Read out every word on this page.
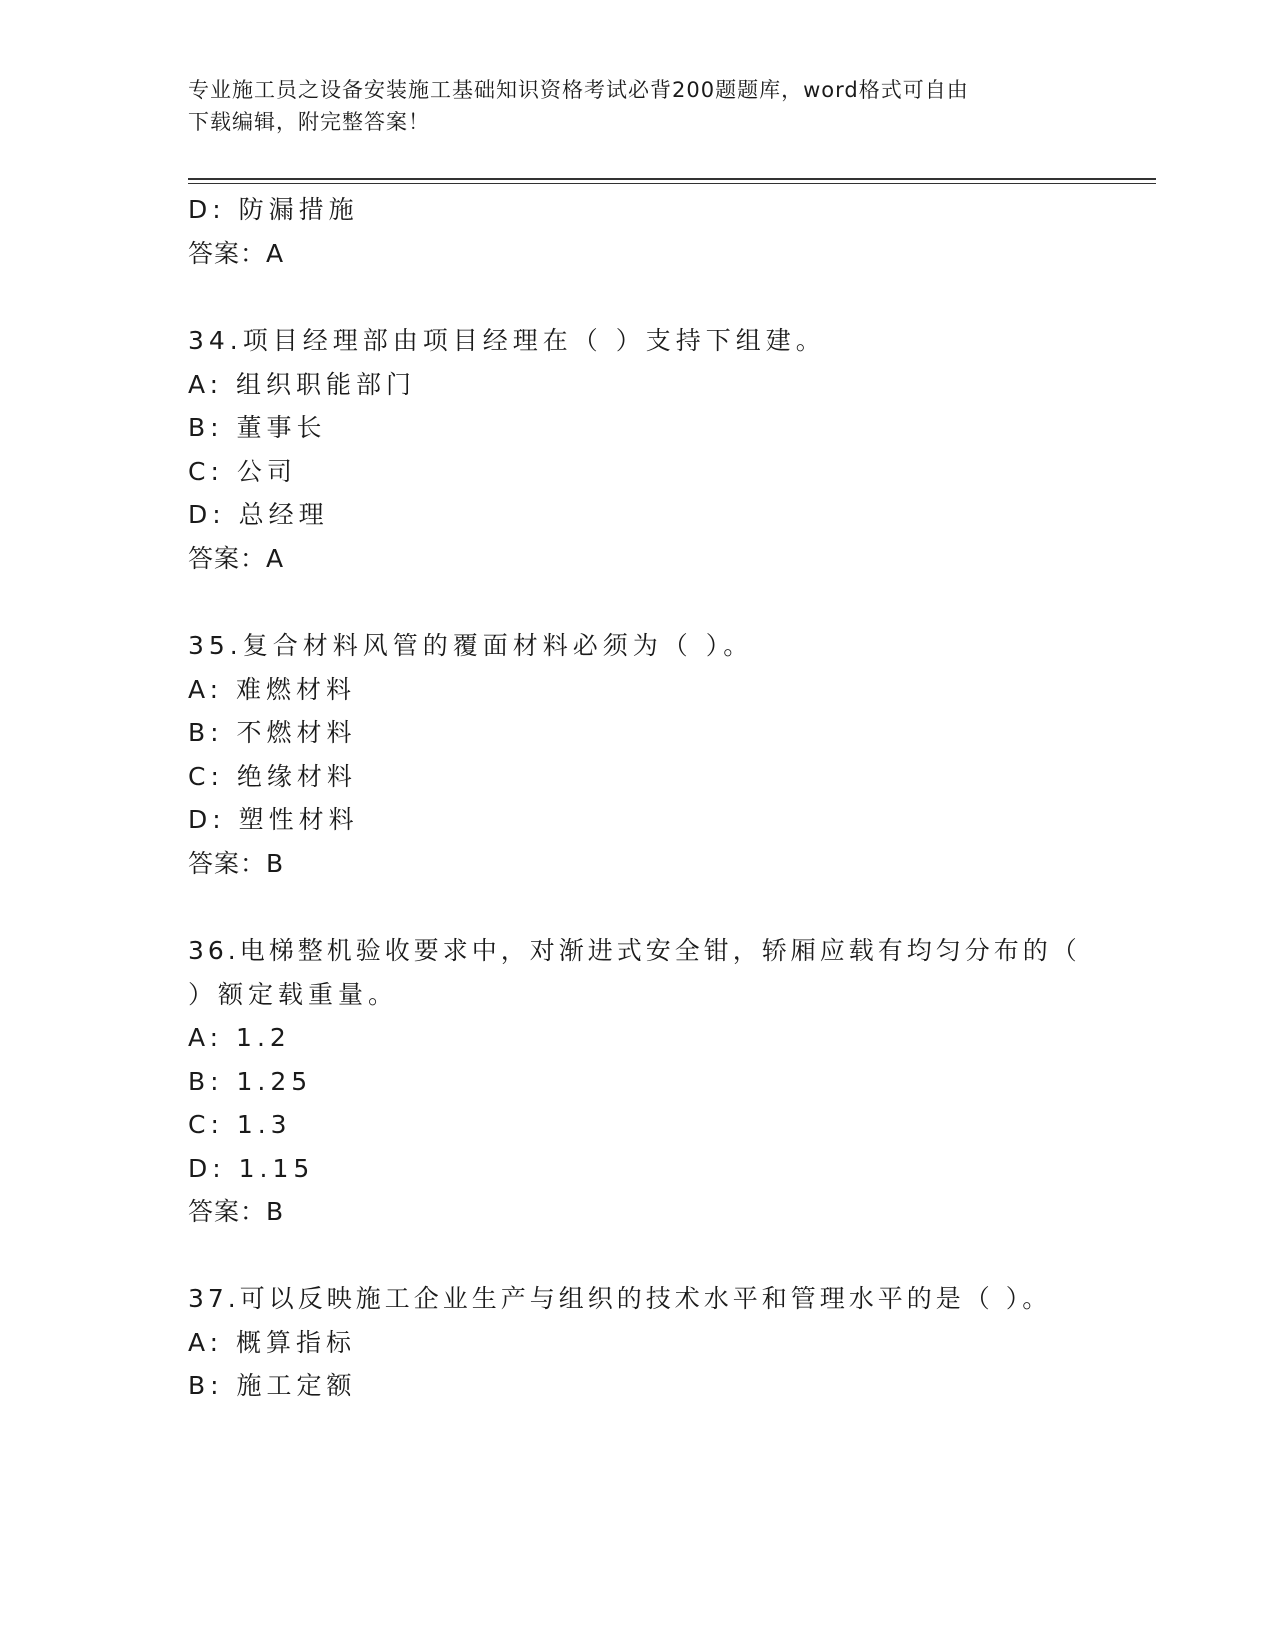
专业施工员之设备安装施工基础知识资格考试必背200题题库，word格式可自由
下载编辑，附完整答案！
D: 防漏措施
答案：A
34.项目经理部由项目经理在（ ）支持下组建。
A: 组织职能部门
B: 董事长
C: 公司
D: 总经理
答案：A
35.复合材料风管的覆面材料必须为（ ）。
A: 难燃材料
B: 不燃材料
C: 绝缘材料
D: 塑性材料
答案：B
36.电梯整机验收要求中，对渐进式安全钳，轿厢应载有均匀分布的（
）额定载重量。
A: 1.2
B: 1.25
C: 1.3
D: 1.15
答案：B
37.可以反映施工企业生产与组织的技术水平和管理水平的是（ ）。
A: 概算指标
B: 施工定额
